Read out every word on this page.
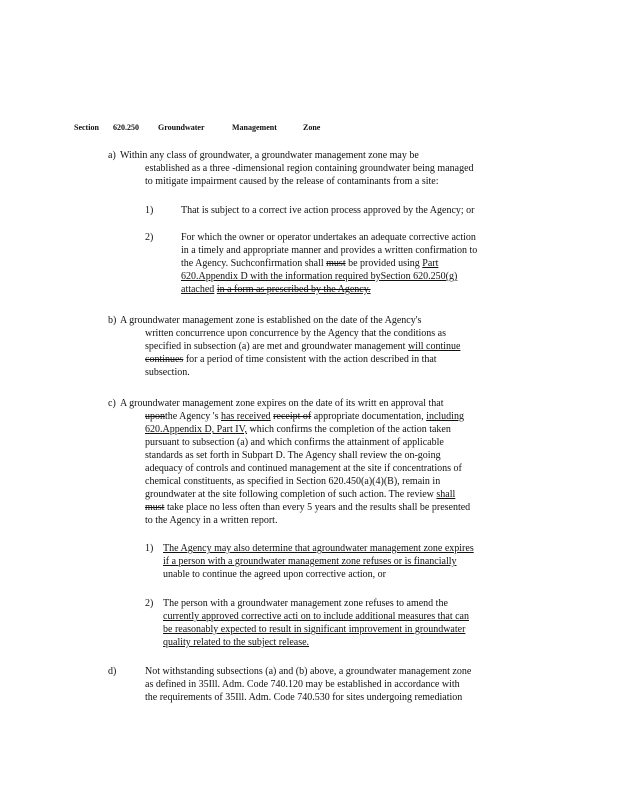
Section 620.250 Groundwater	Management	Zone
a) Within any class of groundwater, a groundwater management zone may be
established as a three -dimensional region containing groundwater being managed
to mitigate impairment caused by the release of contaminants from a site:
1)	That is subject to a correct ive action process approved by the Agency; or
2)	For which the owner or operator undertakes an adequate corrective action
in a timely and appropriate manner and provides a written confirmation to
the Agency. Suchconfirmation shall must be provided using Part
620.Appendix D with the information required bySection 620.250(g)
attached in a form as prescribed by the Agency.
b) A groundwater management zone is established on the date of the Agency's
written concurrence upon concurrence by the Agency that the conditions as
specified in subsection (a) are met and groundwater management will continue
continues for a period of time consistent with the action described in that
subsection.
c) A groundwater management zone expires on the date of its writt en approval that
uponthe Agency 's has received receipt of appropriate documentation, including
620.Appendix D, Part IV, which confirms the completion of the action taken
pursuant to subsection (a) and which confirms the attainment of applicable
standards as set forth in Subpart D. The Agency shall review the on-going
adequacy of controls and continued management at the site if concentrations of
chemical constituents, as specified in Section 620.450(a)(4)(B), remain in
groundwater at the site following completion of such action. The review shall
must take place no less often than every 5 years and the results shall be presented
to the Agency in a written report.
1) The Agency may also determine that agroundwater management zone expires
if a person with a groundwater management zone refuses or is financially
unable to continue the agreed upon corrective action, or
2) The person with a groundwater management zone refuses to amend the
currently approved corrective acti on to include additional measures that can
be reasonably expected to result in significant improvement in groundwater
quality related to the subject release.
d)	Not withstanding subsections (a) and (b) above, a groundwater management zone
as defined in 35Ill. Adm. Code 740.120 may be established in accordance with
the requirements of 35Ill. Adm. Code 740.530 for sites undergoing remediation
